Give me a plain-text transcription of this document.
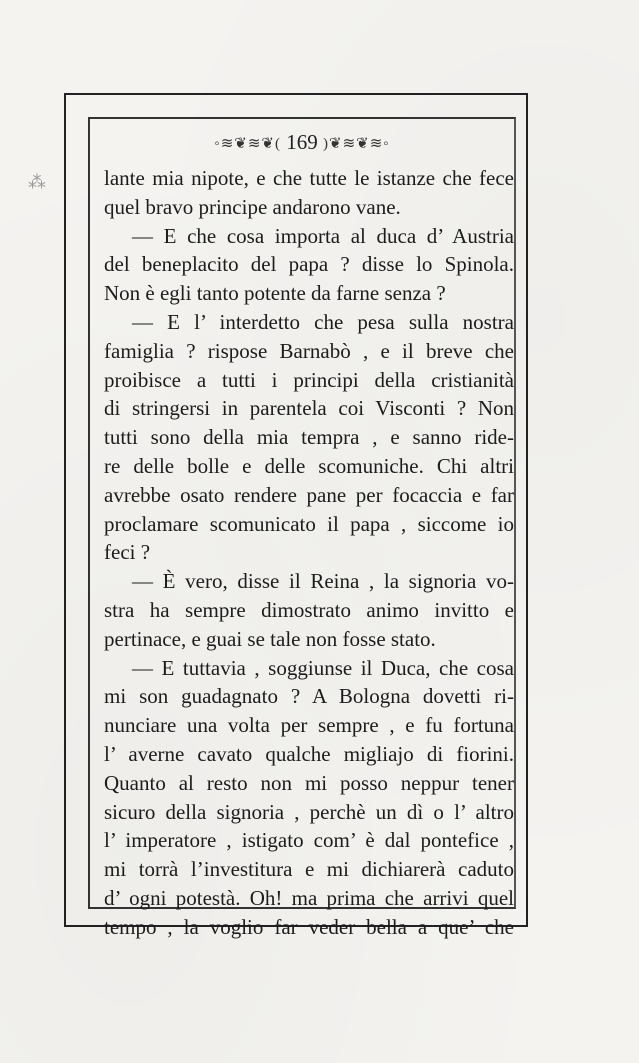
⁂
◦≋❦≋❦( 169 )❦≋❦≋◦
lante mia nipote, e che tutte le istanze che fece
quel bravo principe andarono vane.
— E che cosa importa al duca d’ Austria
del beneplacito del papa ? disse lo Spinola.
Non è egli tanto potente da farne senza ?
— E l’ interdetto che pesa sulla nostra
famiglia ? rispose Barnabò , e il breve che
proibisce a tutti i principi della cristianità
di stringersi in parentela coi Visconti ? Non
tutti sono della mia tempra , e sanno ride-
re delle bolle e delle scomuniche. Chi altri
avrebbe osato rendere pane per focaccia e far
proclamare scomunicato il papa , siccome io
feci ?
— È vero, disse il Reina , la signoria vo-
stra ha sempre dimostrato animo invitto e
pertinace, e guai se tale non fosse stato.
— E tuttavia , soggiunse il Duca, che cosa
mi son guadagnato ? A Bologna dovetti ri-
nunciare una volta per sempre , e fu fortuna
l’ averne cavato qualche migliajo di fiorini.
Quanto al resto non mi posso neppur tener
sicuro della signoria , perchè un dì o l’ altro
l’ imperatore , istigato com’ è dal pontefice ,
mi torrà l’investitura e mi dichiarerà caduto
d’ ogni potestà. Oh! ma prima che arrivi quel
tempo , la voglio far veder bella a que’ che
